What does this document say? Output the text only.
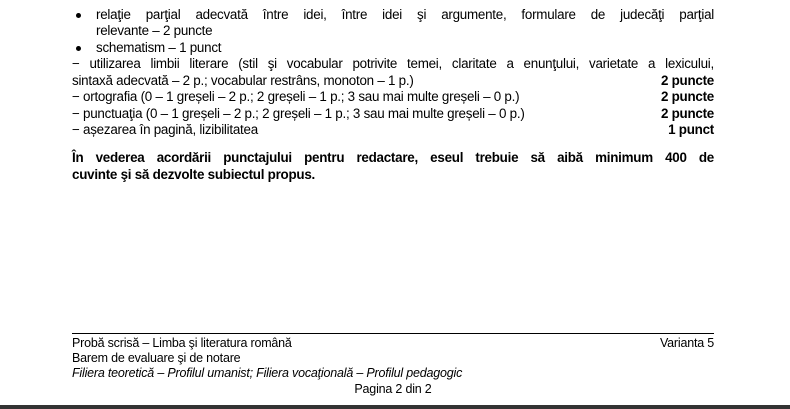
relaţie parţial adecvată între idei, între idei şi argumente, formulare de judecăţi parţial
relevante – 2 puncte
schematism – 1 punct
− utilizarea limbii literare (stil şi vocabular potrivite temei, claritate a enunţului, varietate a lexicului,
sintaxă adecvată – 2 p.; vocabular restrâns, monoton – 1 p.)	2 puncte
− ortografia (0 – 1 greșeli – 2 p.; 2 greșeli – 1 p.; 3 sau mai multe greșeli – 0 p.)	2 puncte
− punctuaţia (0 – 1 greșeli – 2 p.; 2 greșeli – 1 p.; 3 sau mai multe greșeli – 0 p.)	2 puncte
− așezarea în pagină, lizibilitatea	1 punct
În vederea acordării punctajului pentru redactare, eseul trebuie să aibă minimum 400 de
cuvinte şi să dezvolte subiectul propus.
Probă scrisă – Limba şi literatura română	Varianta 5
Barem de evaluare şi de notare
Filiera teoretică – Profilul umanist; Filiera vocaţională – Profilul pedagogic
Pagina 2 din 2
